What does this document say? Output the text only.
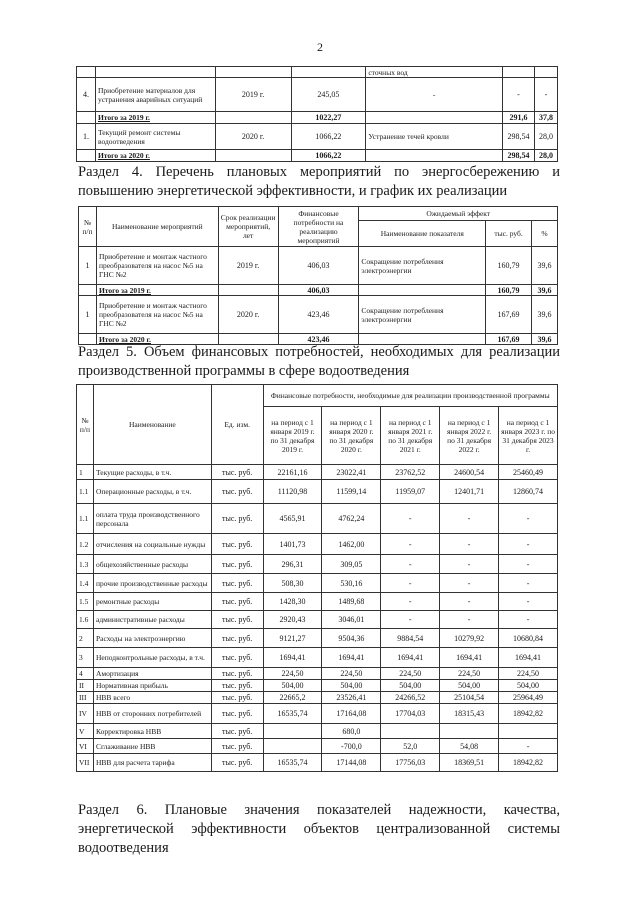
2
				сточных вод		
4.	Приобретение материалов для устранения аварийных ситуаций	2019 г.	245,05	-	-	-
	Итого за 2019 г.		1022,27		291,6	37,8
1.	Текущий ремонт системы водоотведения	2020 г.	1066,22	Устранение течей кровли	298,54	28,0
	Итого за 2020 г.		1066,22		298,54	28,0
Раздел 4. Перечень плановых мероприятий по энергосбережению и повышению энергетической эффективности, и график их реализации
№ п/п	Наименование мероприятий	Срок реализации мероприятий, лет	Финансовые потребности на реализацию мероприятий	Ожидаемый эффект		
				Наименование показателя	тыс. руб.	%
1	Приобретение и монтаж частного преобразователя на насос №5 на ГНС №2	2019 г.	406,03	Сокращение потребления электроэнергии	160,79	39,6
	Итого за 2019 г.		406,03		160,79	39,6
1	Приобретение и монтаж частного преобразователя на насос №5 на ГНС №2	2020 г.	423,46	Сокращение потребления электроэнергии	167,69	39,6
	Итого за 2020 г.		423,46		167,69	39,6
Раздел 5. Объем финансовых потребностей, необходимых для реализации производственной программы в сфере водоотведения
№ п/п	Наименование	Ед. изм.	Финансовые потребности, необходимые для реализации производственной программы				
			на период с 1 января 2019 г. по 31 декабря 2019 г.	на период с 1 января 2020 г. по 31 декабря 2020 г.	на период с 1 января 2021 г. по 31 декабря 2021 г.	на период с 1 января 2022 г. по 31 декабря 2022 г.	на период с 1 января 2023 г. по 31 декабря 2023 г.
1	Текущие расходы, в т.ч.	тыс. руб.	22161,16	23022,41	23762,52	24600,54	25460,49
1.1	Операционные расходы, в т.ч.	тыс. руб.	11120,98	11599,14	11959,07	12401,71	12860,74
1.1	оплата труда производственного персонала	тыс. руб.	4565,91	4762,24	-	-	-
1.2	отчисления на социальные нужды	тыс. руб.	1401,73	1462,00	-	-	-
1.3	общехозяйственные расходы	тыс. руб.	296,31	309,05	-	-	-
1.4	прочие производственные расходы	тыс. руб.	508,30	530,16	-	-	-
1.5	ремонтные расходы	тыс. руб.	1428,30	1489,68	-	-	-
1.6	административные расходы	тыс. руб.	2920,43	3046,01	-	-	-
2	Расходы на электроэнергию	тыс. руб.	9121,27	9504,36	9884,54	10279,92	10680,84
3	Неподконтрольные расходы, в т.ч.	тыс. руб.	1694,41	1694,41	1694,41	1694,41	1694,41
4	Амортизация	тыс. руб.	224,50	224,50	224,50	224,50	224,50
II	Нормативная прибыль	тыс. руб.	504,00	504,00	504,00	504,00	504,00
III	НВВ всего	тыс. руб.	22665,2	23526,41	24266,52	25104,54	25964,49
IV	НВВ от сторонних потребителей	тыс. руб.	16535,74	17164,08	17704,03	18315,43	18942,82
V	Корректировка НВВ	тыс. руб.		680,0			
VI	Сглаживание НВВ	тыс. руб.		-700,0	52,0	54,08	-
VII	НВВ для расчета тарифа	тыс. руб.	16535,74	17144,08	17756,03	18369,51	18942,82
Раздел 6. Плановые значения показателей надежности, качества,
энергетической эффективности объектов централизованной системы
водоотведения
